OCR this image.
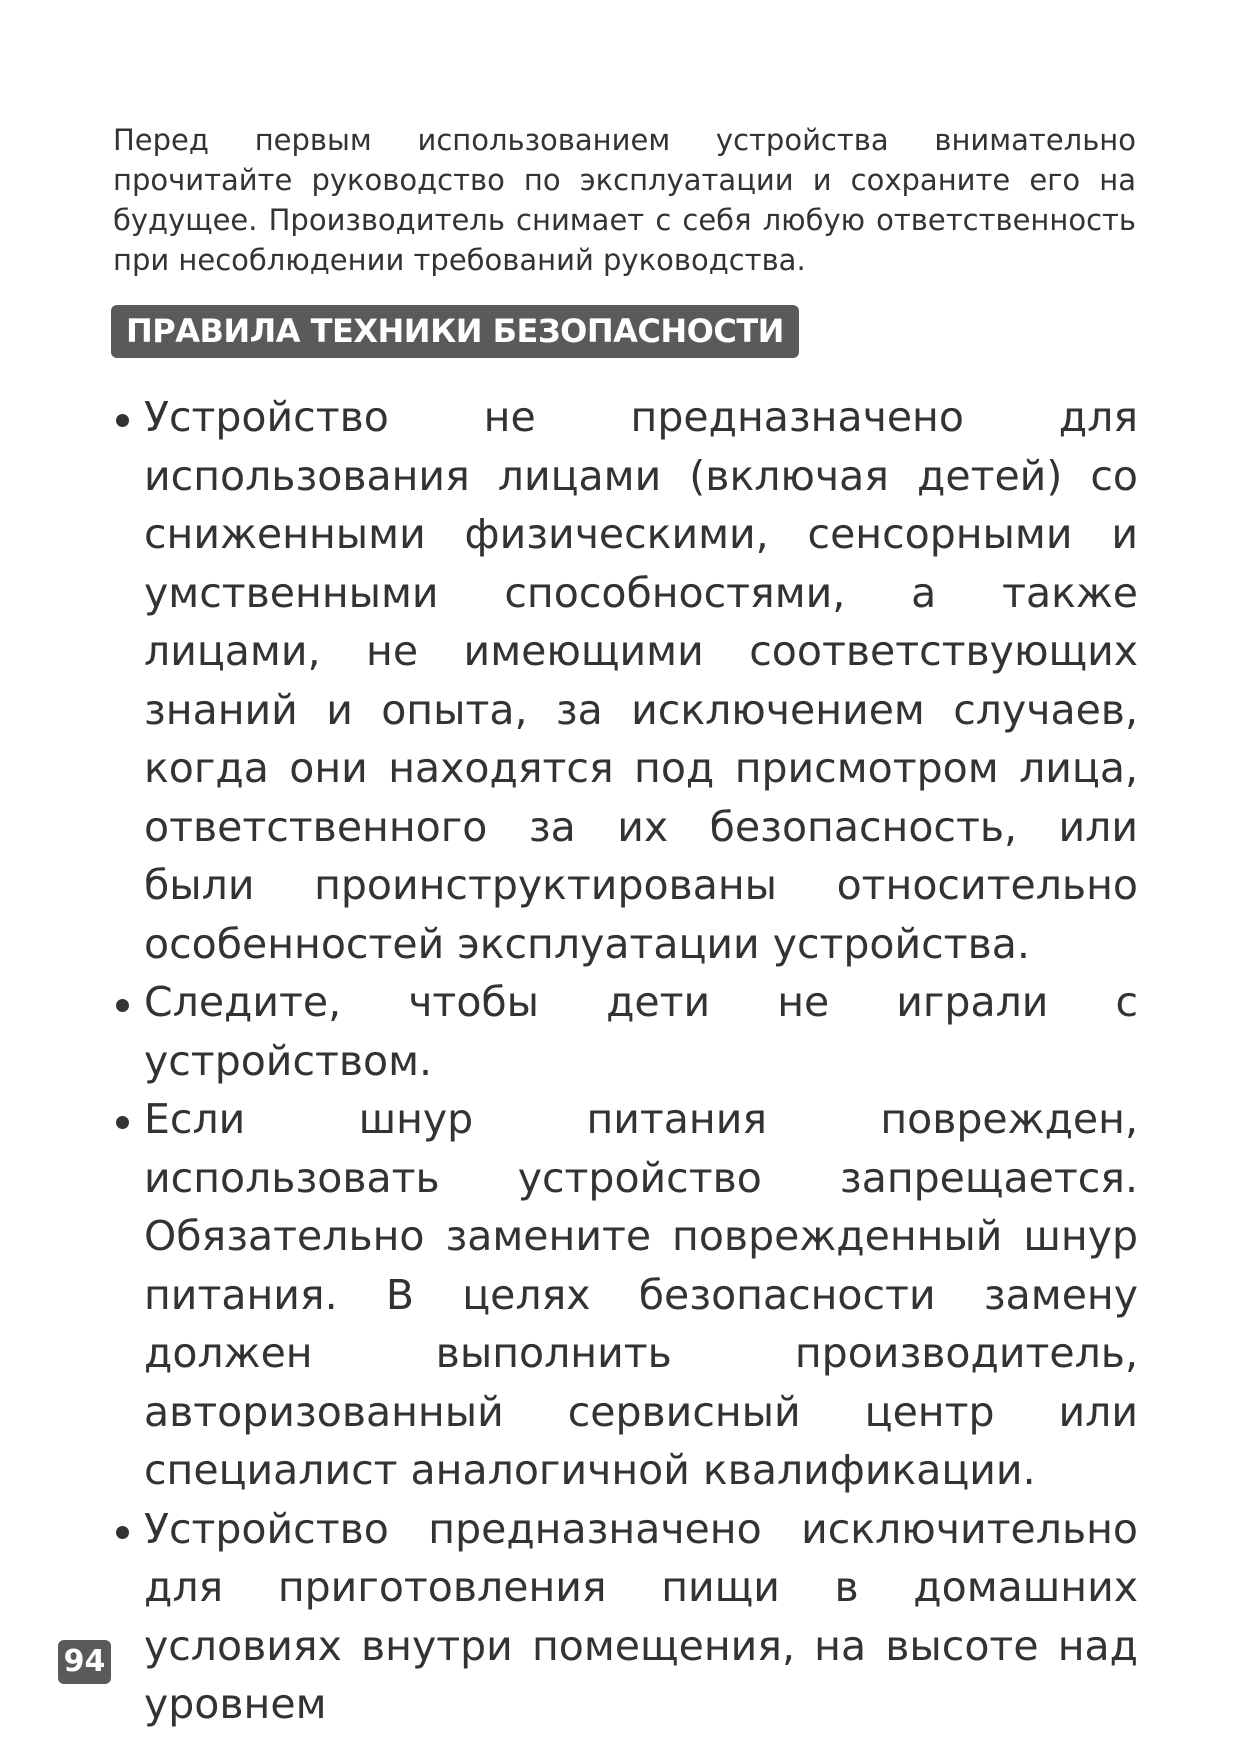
Перед первым использованием устройства внимательно прочитайте руководство по эксплуатации и сохраните его на будущее. Производитель снимает с себя любую ответственность при несоблюдении требований руководства.

ПРАВИЛА ТЕХНИКИ БЕЗОПАСНОСТИ
Устройство не предназначено для использования лицами (включая детей) со сниженными физическими, сенсорными и умственными способностями, а также лицами, не имеющими соответствующих знаний и опыта, за исключением случаев, когда они находятся под присмотром лица, ответственного за их безопасность, или были проинструктированы относительно особенностей эксплуатации устройства.
Следите, чтобы дети не играли с устройством.
Если шнур питания поврежден, использовать устройство запрещается. Обязательно замените поврежденный шнур питания. В целях безопасности замену должен выполнить производитель, авторизованный сервисный центр или специалист аналогичной квалификации.
Устройство предназначено исключительно для приготовления пищи в домашних условиях внутри помещения, на высоте над уровнем
94
